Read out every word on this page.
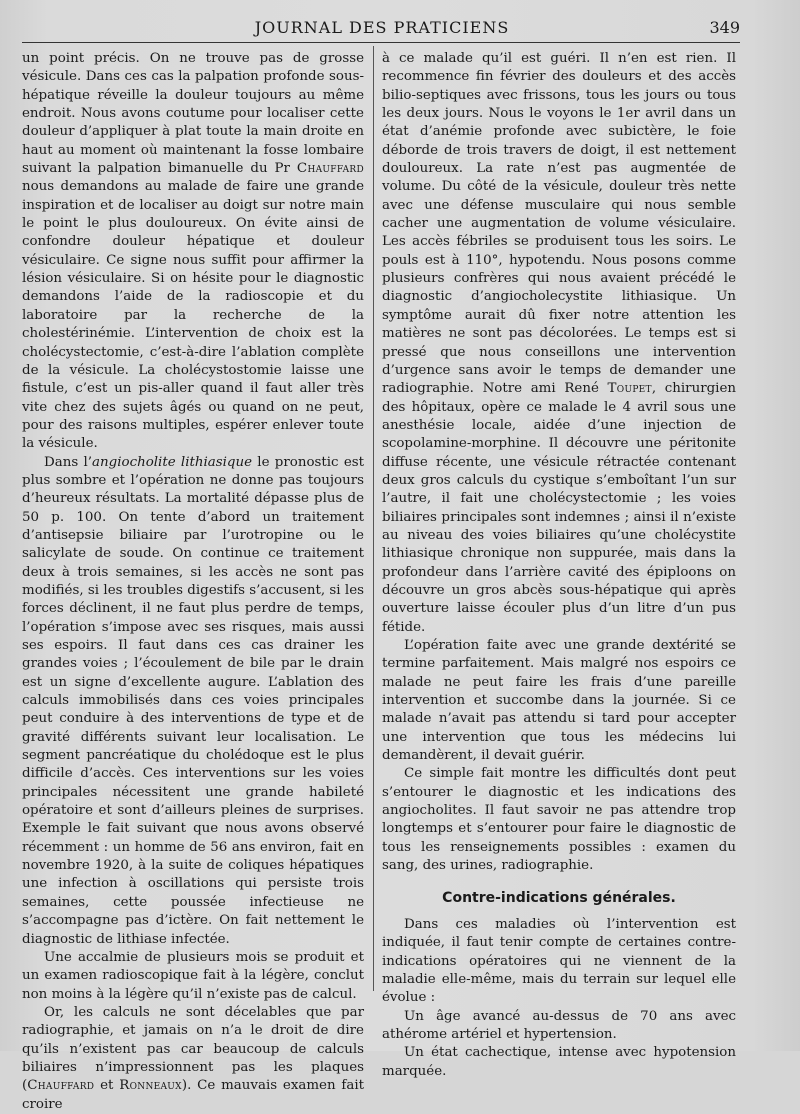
JOURNAL DES PRATICIENS	349

un point précis. On ne trouve pas de grosse vésicule. Dans ces cas la palpation profonde sous-hépatique réveille la douleur toujours au même endroit. Nous avons coutume pour localiser cette douleur d’appliquer à plat toute la main droite en haut au moment où maintenant la fosse lombaire suivant la palpation bimanuelle du Pr Chauffard nous demandons au malade de faire une grande inspiration et de localiser au doigt sur notre main le point le plus douloureux. On évite ainsi de confondre douleur hépatique et douleur vésiculaire. Ce signe nous suffit pour affirmer la lésion vésiculaire. Si on hésite pour le diagnostic demandons l’aide de la radioscopie et du laboratoire par la recherche de la cholestérinémie. L’intervention de choix est la cholécystectomie, c’est-à-dire l’ablation complète de la vésicule. La cholécystostomie laisse une fistule, c’est un pis-aller quand il faut aller très vite chez des sujets âgés ou quand on ne peut, pour des raisons multiples, espérer enlever toute la vésicule.

Dans l’angiocholite lithiasique le pronostic est plus sombre et l’opération ne donne pas toujours d’heureux résultats. La mortalité dépasse plus de 50 p. 100. On tente d’abord un traitement d’antisepsie biliaire par l’urotropine ou le salicylate de soude. On continue ce traitement deux à trois semaines, si les accès ne sont pas modifiés, si les troubles digestifs s’accusent, si les forces déclinent, il ne faut plus perdre de temps, l’opération s’impose avec ses risques, mais aussi ses espoirs. Il faut dans ces cas drainer les grandes voies ; l’écoulement de bile par le drain est un signe d’excellente augure. L’ablation des calculs immobilisés dans ces voies principales peut conduire à des interventions de type et de gravité différents suivant leur localisation. Le segment pancréatique du cholédoque est le plus difficile d’accès. Ces interventions sur les voies principales nécessitent une grande habileté opératoire et sont d’ailleurs pleines de surprises. Exemple le fait suivant que nous avons observé récemment : un homme de 56 ans environ, fait en novembre 1920, à la suite de coliques hépatiques une infection à oscillations qui persiste trois semaines, cette poussée infectieuse ne s’accompagne pas d’ictère. On fait nettement le diagnostic de lithiase infectée.

Une accalmie de plusieurs mois se produit et un examen radioscopique fait à la légère, conclut non moins à la légère qu’il n’existe pas de calcul.

Or, les calculs ne sont décelables que par radiographie, et jamais on n’a le droit de dire qu’ils n’existent pas car beaucoup de calculs biliaires n’impressionnent pas les plaques (Chauffard et Ronneaux). Ce mauvais examen fait croire

à ce malade qu’il est guéri. Il n’en est rien. Il recommence fin février des douleurs et des accès bilio-septiques avec frissons, tous les jours ou tous les deux jours. Nous le voyons le 1er avril dans un état d’anémie profonde avec subictère, le foie déborde de trois travers de doigt, il est nettement douloureux. La rate n’est pas augmentée de volume. Du côté de la vésicule, douleur très nette avec une défense musculaire qui nous semble cacher une augmentation de volume vésiculaire. Les accès fébriles se produisent tous les soirs. Le pouls est à 110°, hypotendu. Nous posons comme plusieurs confrères qui nous avaient précédé le diagnostic d’angiocholecystite lithiasique. Un symptôme aurait dû fixer notre attention les matières ne sont pas décolorées. Le temps est si pressé que nous conseillons une intervention d’urgence sans avoir le temps de demander une radiographie. Notre ami René Toupet, chirurgien des hôpitaux, opère ce malade le 4 avril sous une anesthésie locale, aidée d’une injection de scopolamine-morphine. Il découvre une péritonite diffuse récente, une vésicule rétractée contenant deux gros calculs du cystique s’emboîtant l’un sur l’autre, il fait une cholécystectomie ; les voies biliaires principales sont indemnes ; ainsi il n’existe au niveau des voies biliaires qu’une cholécystite lithiasique chronique non suppurée, mais dans la profondeur dans l’arrière cavité des épiploons on découvre un gros abcès sous-hépatique qui après ouverture laisse écouler plus d’un litre d’un pus fétide.

L’opération faite avec une grande dextérité se termine parfaitement. Mais malgré nos espoirs ce malade ne peut faire les frais d’une pareille intervention et succombe dans la journée. Si ce malade n’avait pas attendu si tard pour accepter une intervention que tous les médecins lui demandèrent, il devait guérir.

Ce simple fait montre les difficultés dont peut s’entourer le diagnostic et les indications des angiocholites. Il faut savoir ne pas attendre trop longtemps et s’entourer pour faire le diagnostic de tous les renseignements possibles : examen du sang, des urines, radiographie.

Contre-indications générales.

Dans ces maladies où l’intervention est indiquée, il faut tenir compte de certaines contre-indications opératoires qui ne viennent de la maladie elle-même, mais du terrain sur lequel elle évolue :

Un âge avancé au-dessus de 70 ans avec athérome artériel et hypertension.

Un état cachectique, intense avec hypotension marquée.
